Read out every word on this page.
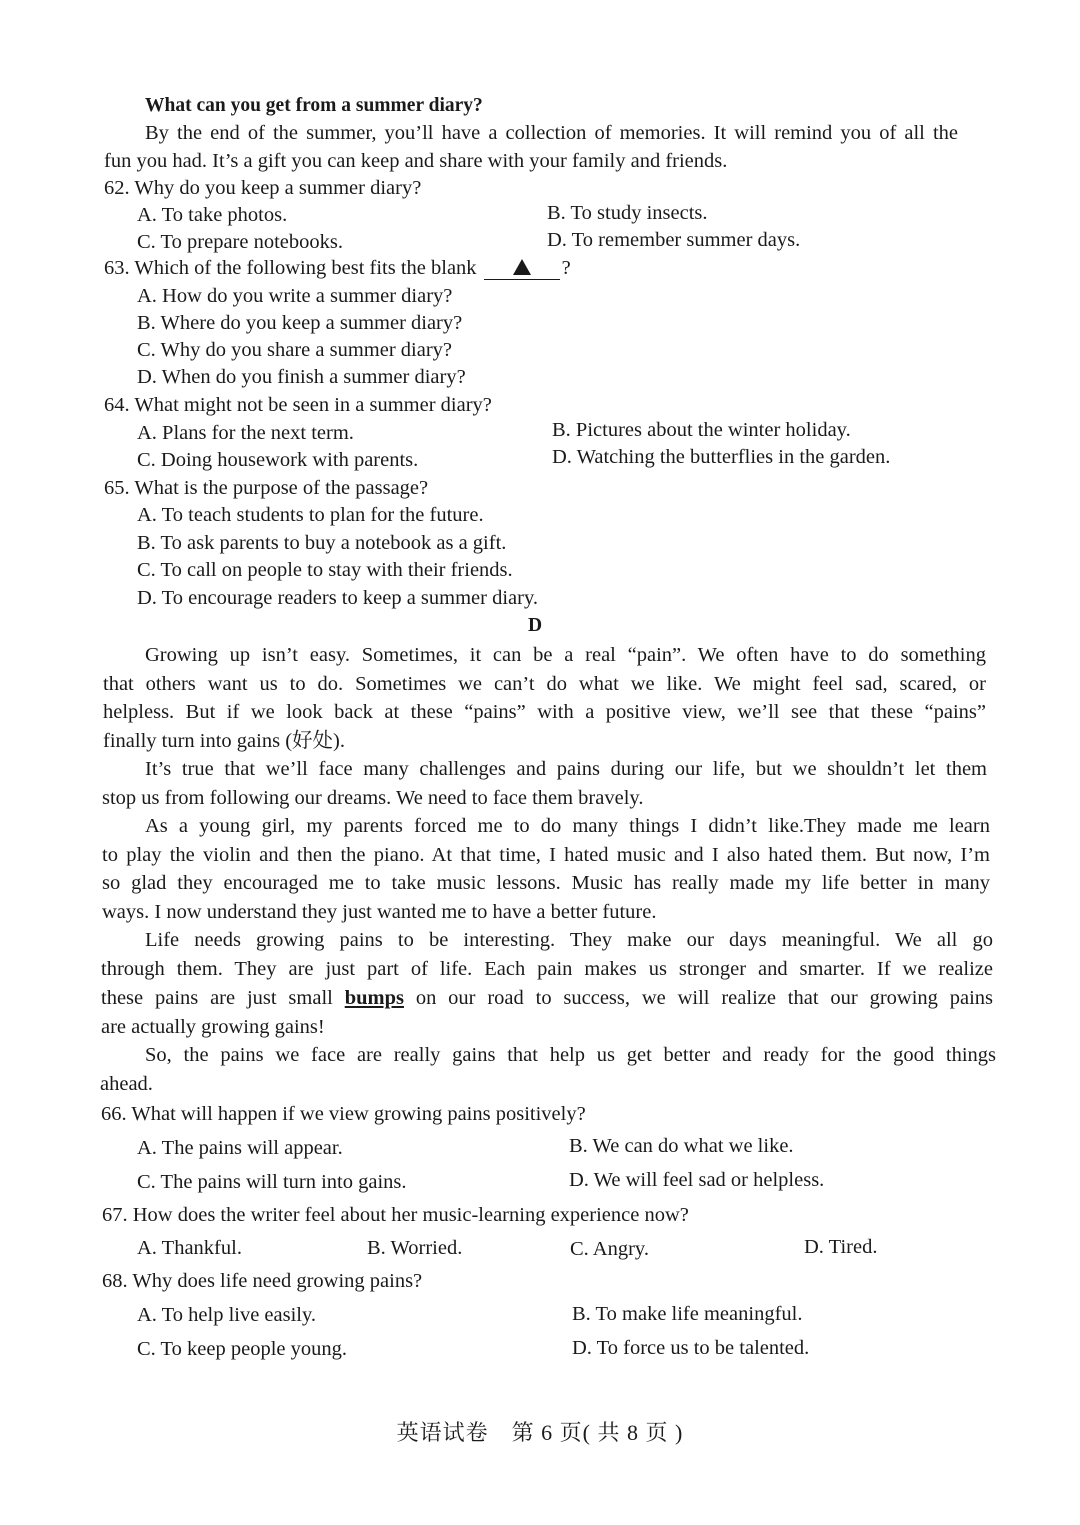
What can you get from a summer diary?
By the end of the summer, you’ll have a collection of memories. It will remind you of all the
fun you had. It’s a gift you can keep and share with your family and friends.
62. Why do you keep a summer diary?
A. To take photos.	B. To study insects.
C. To prepare notebooks.	D. To remember summer days.
63. Which of the following best fits the blank	?
A. How do you write a summer diary?
B. Where do you keep a summer diary?
C. Why do you share a summer diary?
D. When do you finish a summer diary?
64. What might not be seen in a summer diary?
A. Plans for the next term.	B. Pictures about the winter holiday.
C. Doing housework with parents.	D. Watching the butterflies in the garden.
65. What is the purpose of the passage?
A. To teach students to plan for the future.
B. To ask parents to buy a notebook as a gift.
C. To call on people to stay with their friends.
D. To encourage readers to keep a summer diary.
D
Growing up isn’t easy. Sometimes, it can be a real “pain”. We often have to do something
that others want us to do. Sometimes we can’t do what we like. We might feel sad, scared, or
helpless. But if we look back at these “pains” with a positive view, we’ll see that these “pains”
finally turn into gains (好处).
It’s true that we’ll face many challenges and pains during our life, but we shouldn’t let them
stop us from following our dreams. We need to face them bravely.
As a young girl, my parents forced me to do many things I didn’t like.They made me learn
to play the violin and then the piano. At that time, I hated music and I also hated them. But now, I’m
so glad they encouraged me to take music lessons. Music has really made my life better in many
ways. I now understand they just wanted me to have a better future.
Life needs growing pains to be interesting. They make our days meaningful. We all go
through them. They are just part of life. Each pain makes us stronger and smarter. If we realize
these pains are just small bumps on our road to success, we will realize that our growing pains
are actually growing gains!
So, the pains we face are really gains that help us get better and ready for the good things
ahead.
66. What will happen if we view growing pains positively?
A. The pains will appear.	B. We can do what we like.
C. The pains will turn into gains.	D. We will feel sad or helpless.
67. How does the writer feel about her music-learning experience now?
A. Thankful.	B. Worried.	C. Angry.	D. Tired.
68. Why does life need growing pains?
A. To help live easily.	B. To make life meaningful.
C. To keep people young.	D. To force us to be talented.
英语试卷　第 6 页( 共 8 页 )
